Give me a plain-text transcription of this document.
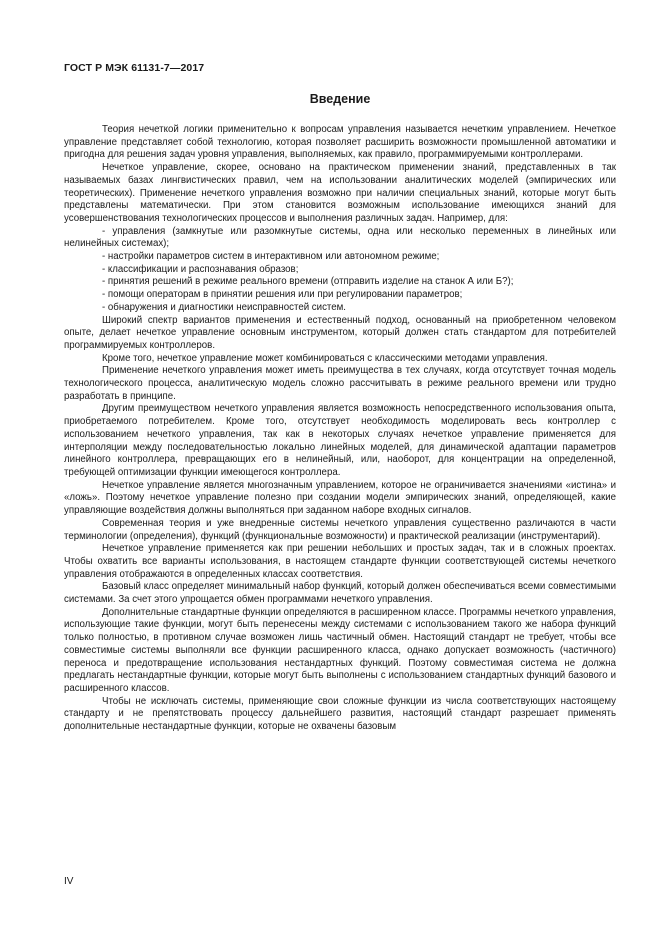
ГОСТ Р МЭК 61131-7—2017
Введение

Теория нечеткой логики применительно к вопросам управления называется нечетким управлением. Нечеткое управление представляет собой технологию, которая позволяет расширить возможности промышленной автоматики и пригодна для решения задач уровня управления, выполняемых, как правило, программируемыми контроллерами.

Нечеткое управление, скорее, основано на практическом применении знаний, представленных в так называемых базах лингвистических правил, чем на использовании аналитических моделей (эмпирических или теоретических). Применение нечеткого управления возможно при наличии специальных знаний, которые могут быть представлены математически. При этом становится возможным использование имеющихся знаний для усовершенствования технологических процессов и выполнения различных задач. Например, для:

- управления (замкнутые или разомкнутые системы, одна или несколько переменных в линейных или нелинейных системах);

- настройки параметров систем в интерактивном или автономном режиме;

- классификации и распознавания образов;

- принятия решений в режиме реального времени (отправить изделие на станок А или Б?);

- помощи операторам в принятии решения или при регулировании параметров;

- обнаружения и диагностики неисправностей систем.

Широкий спектр вариантов применения и естественный подход, основанный на приобретенном человеком опыте, делает нечеткое управление основным инструментом, который должен стать стандартом для потребителей программируемых контроллеров.

Кроме того, нечеткое управление может комбинироваться с классическими методами управления.

Применение нечеткого управления может иметь преимущества в тех случаях, когда отсутствует точная модель технологического процесса, аналитическую модель сложно рассчитывать в режиме реального времени или трудно разработать в принципе.

Другим преимуществом нечеткого управления является возможность непосредственного использования опыта, приобретаемого потребителем. Кроме того, отсутствует необходимость моделировать весь контроллер с использованием нечеткого управления, так как в некоторых случаях нечеткое управление применяется для интерполяции между последовательностью локально линейных моделей, для динамической адаптации параметров линейного контроллера, превращающих его в нелинейный, или, наоборот, для концентрации на определенной, требующей оптимизации функции имеющегося контроллера.

Нечеткое управление является многозначным управлением, которое не ограничивается значениями «истина» и «ложь». Поэтому нечеткое управление полезно при создании модели эмпирических знаний, определяющей, какие управляющие воздействия должны выполняться при заданном наборе входных сигналов.

Современная теория и уже внедренные системы нечеткого управления существенно различаются в части терминологии (определения), функций (функциональные возможности) и практической реализации (инструментарий).

Нечеткое управление применяется как при решении небольших и простых задач, так и в сложных проектах. Чтобы охватить все варианты использования, в настоящем стандарте функции соответствующей системы нечеткого управления отображаются в определенных классах соответствия.

Базовый класс определяет минимальный набор функций, который должен обеспечиваться всеми совместимыми системами. За счет этого упрощается обмен программами нечеткого управления.

Дополнительные стандартные функции определяются в расширенном классе. Программы нечеткого управления, использующие такие функции, могут быть перенесены между системами с использованием такого же набора функций только полностью, в противном случае возможен лишь частичный обмен. Настоящий стандарт не требует, чтобы все совместимые системы выполняли все функции расширенного класса, однако допускает возможность (частичного) переноса и предотвращение использования нестандартных функций. Поэтому совместимая система не должна предлагать нестандартные функции, которые могут быть выполнены с использованием стандартных функций базового и расширенного классов.

Чтобы не исключать системы, применяющие свои сложные функции из числа соответствующих настоящему стандарту и не препятствовать процессу дальнейшего развития, настоящий стандарт разрешает применять дополнительные нестандартные функции, которые не охвачены базовым

IV
